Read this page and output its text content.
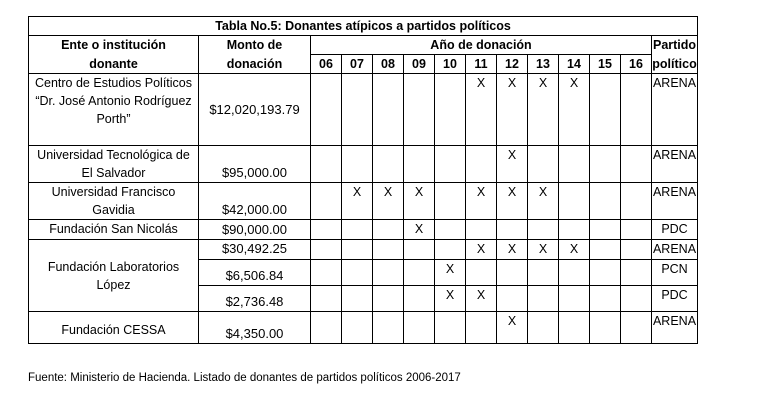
Tabla No.5: Donantes atípicos a partidos políticos													
Ente o institución	Monto de	Año de donación											Partido
donante	donación	06	07	08	09	10	11	12	13	14	15	16	político
Centro de Estudios Políticos “Dr. José Antonio Rodríguez Porth”	$12,020,193.79						X	X	X	X			ARENA
Universidad Tecnológica de El Salvador	$95,000.00							X					ARENA
Universidad Francisco Gavidia	$42,000.00		X	X	X		X	X	X				ARENA
Fundación San Nicolás	$90,000.00				X								PDC
Fundación Laboratorios López	$30,492.25						X	X	X	X			ARENA
	$6,506.84					X							PCN
	$2,736.48					X	X						PDC
Fundación CESSA	$4,350.00							X					ARENA
Fuente: Ministerio de Hacienda. Listado de donantes de partidos políticos 2006-2017
